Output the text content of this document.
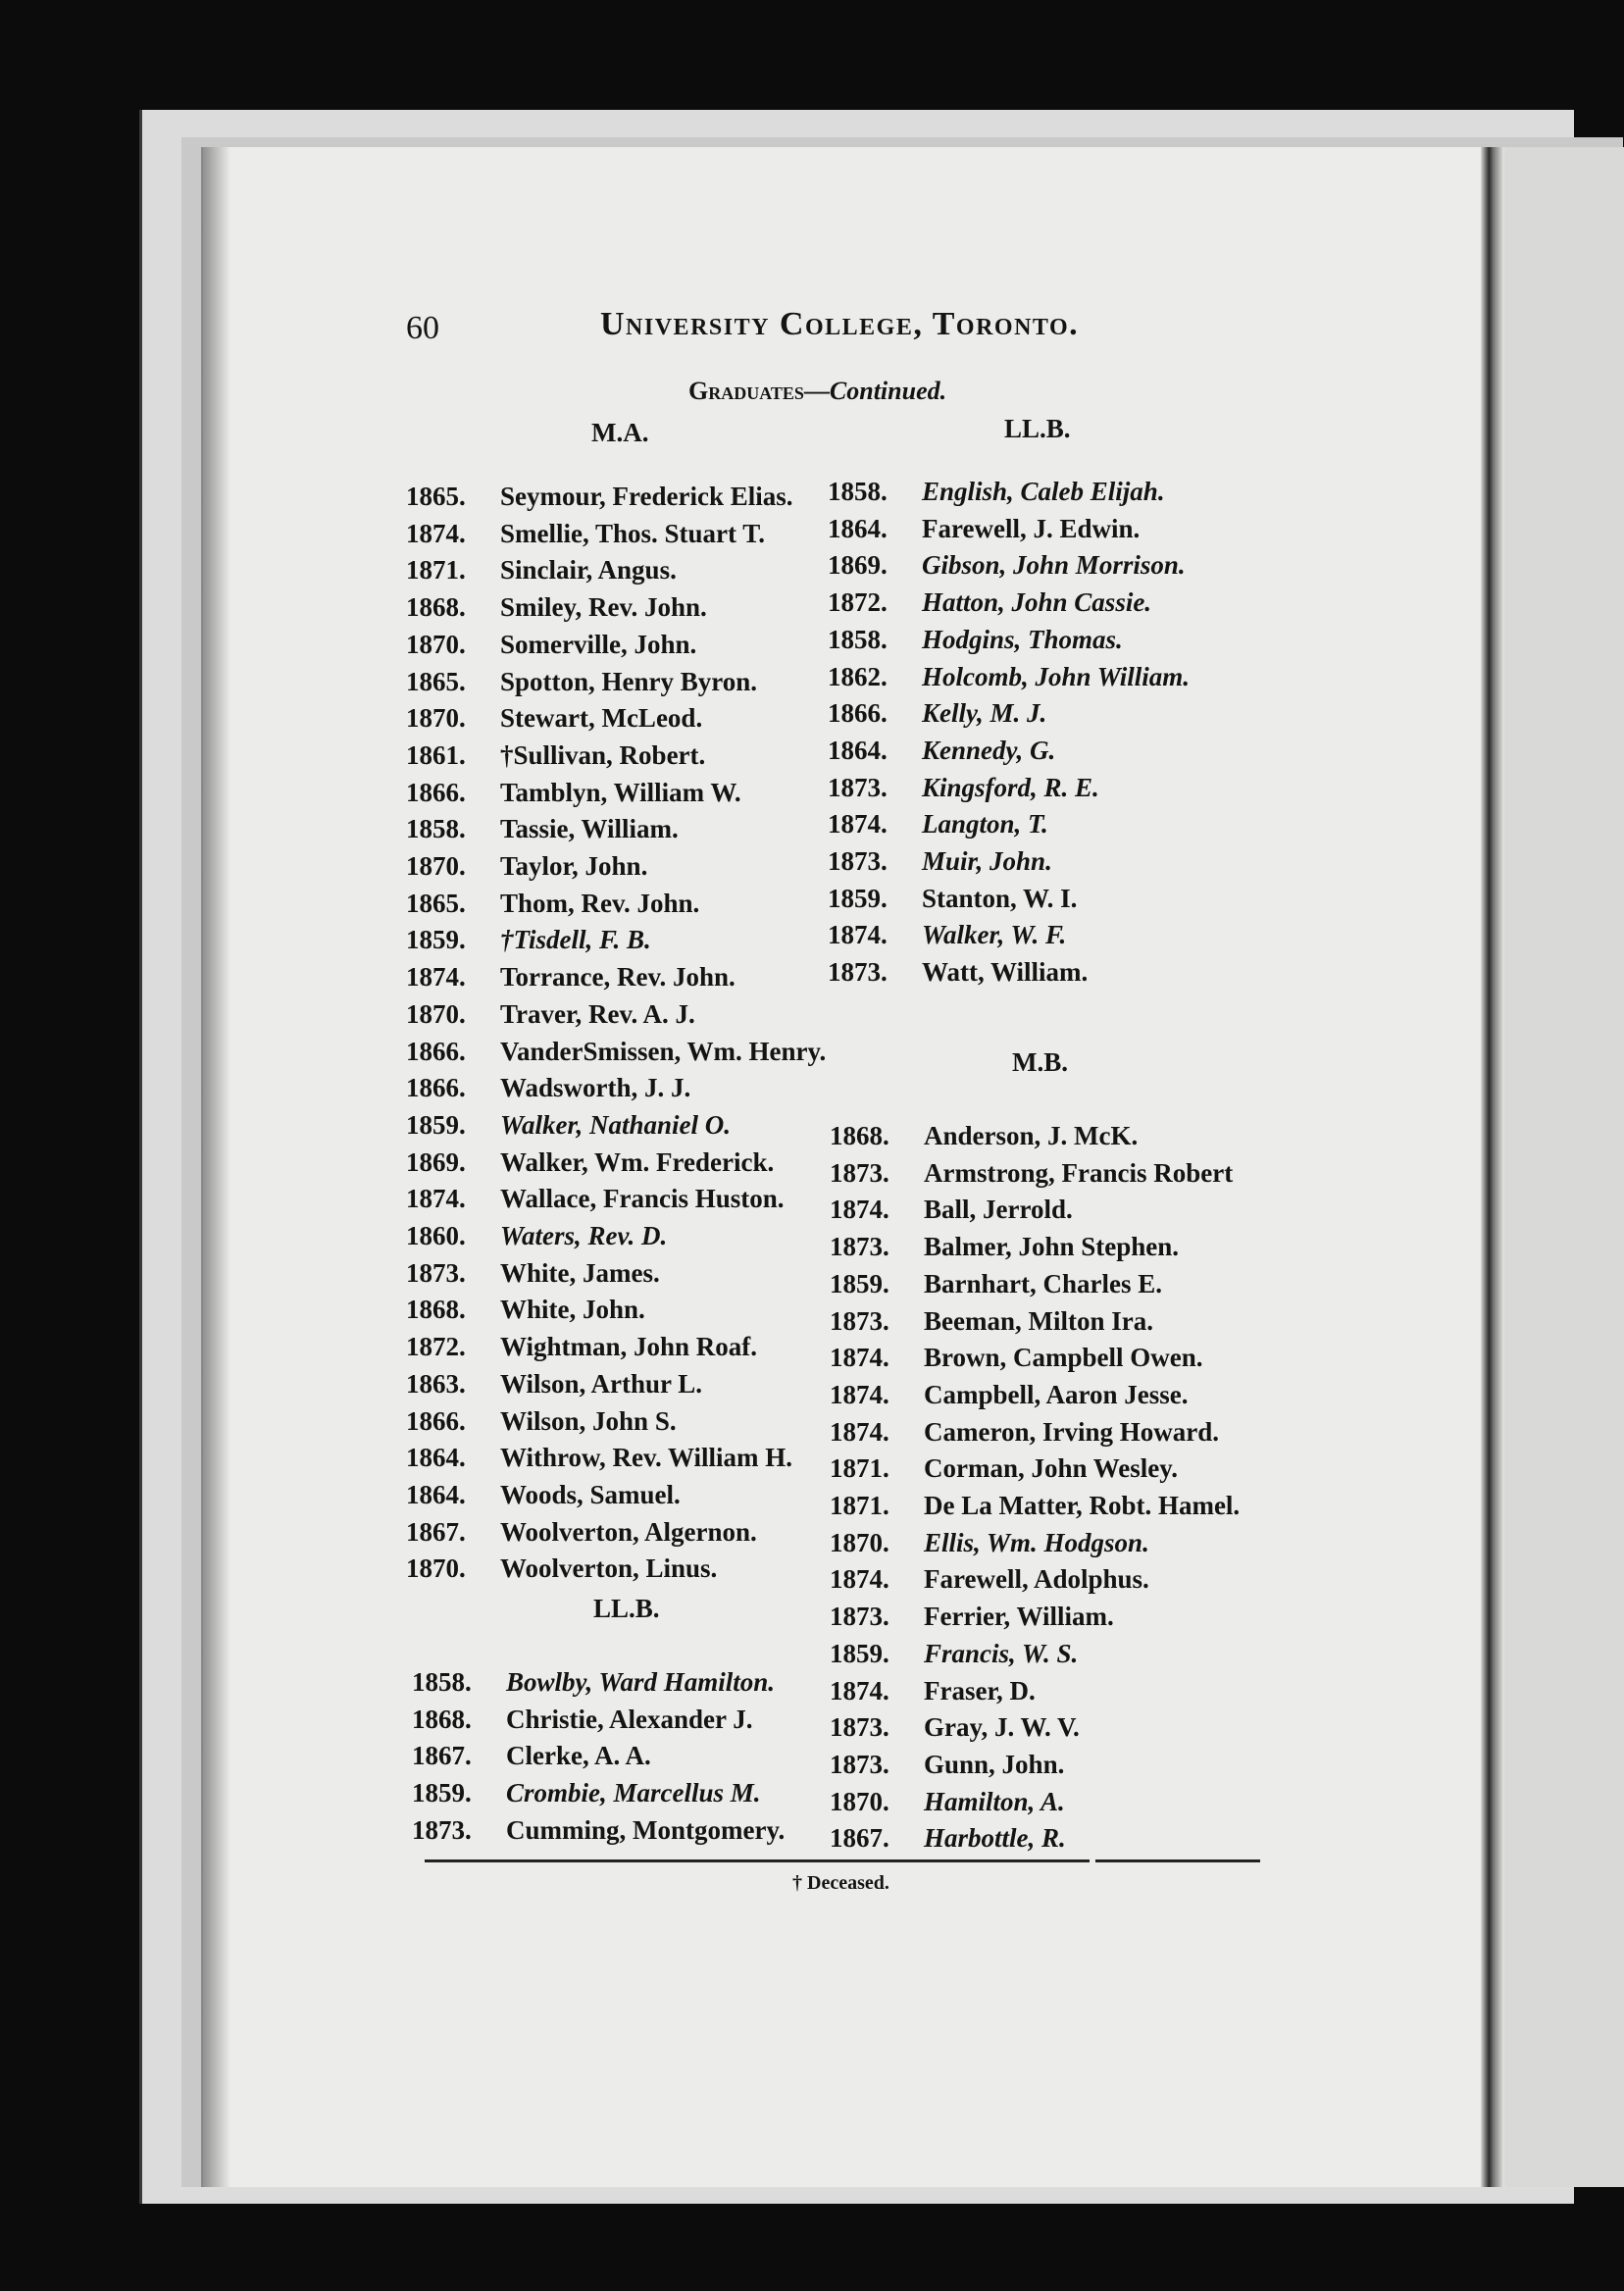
60	University College, Toronto.
Graduates—Continued.
M.A.	LL.B.
M.B.
LL.B.
1865. Seymour, Frederick Elias.
1874. Smellie, Thos. Stuart T.
1871. Sinclair, Angus.
1868. Smiley, Rev. John.
1870. Somerville, John.
1865. Spotton, Henry Byron.
1870. Stewart, McLeod.
1861. †Sullivan, Robert.
1866. Tamblyn, William W.
1858. Tassie, William.
1870. Taylor, John.
1865. Thom, Rev. John.
1859. †Tisdell, F. B.
1874. Torrance, Rev. John.
1870. Traver, Rev. A. J.
1866. VanderSmissen, Wm. Henry.
1866. Wadsworth, J. J.
1859. Walker, Nathaniel O.
1869. Walker, Wm. Frederick.
1874. Wallace, Francis Huston.
1860. Waters, Rev. D.
1873. White, James.
1868. White, John.
1872. Wightman, John Roaf.
1863. Wilson, Arthur L.
1866. Wilson, John S.
1864. Withrow, Rev. William H.
1864. Woods, Samuel.
1867. Woolverton, Algernon.
1870. Woolverton, Linus.
1858. English, Caleb Elijah.
1864. Farewell, J. Edwin.
1869. Gibson, John Morrison.
1872. Hatton, John Cassie.
1858. Hodgins, Thomas.
1862. Holcomb, John William.
1866. Kelly, M. J.
1864. Kennedy, G.
1873. Kingsford, R. E.
1874. Langton, T.
1873. Muir, John.
1859. Stanton, W. I.
1874. Walker, W. F.
1873. Watt, William.
1858. Bowlby, Ward Hamilton.
1868. Christie, Alexander J.
1867. Clerke, A. A.
1859. Crombie, Marcellus M.
1873. Cumming, Montgomery.
1868. Anderson, J. McK.
1873. Armstrong, Francis Robert
1874. Ball, Jerrold.
1873. Balmer, John Stephen.
1859. Barnhart, Charles E.
1873. Beeman, Milton Ira.
1874. Brown, Campbell Owen.
1874. Campbell, Aaron Jesse.
1874. Cameron, Irving Howard.
1871. Corman, John Wesley.
1871. De La Matter, Robt. Hamel.
1870. Ellis, Wm. Hodgson.
1874. Farewell, Adolphus.
1873. Ferrier, William.
1859. Francis, W. S.
1874. Fraser, D.
1873. Gray, J. W. V.
1873. Gunn, John.
1870. Hamilton, A.
1867. Harbottle, R.
† Deceased.
